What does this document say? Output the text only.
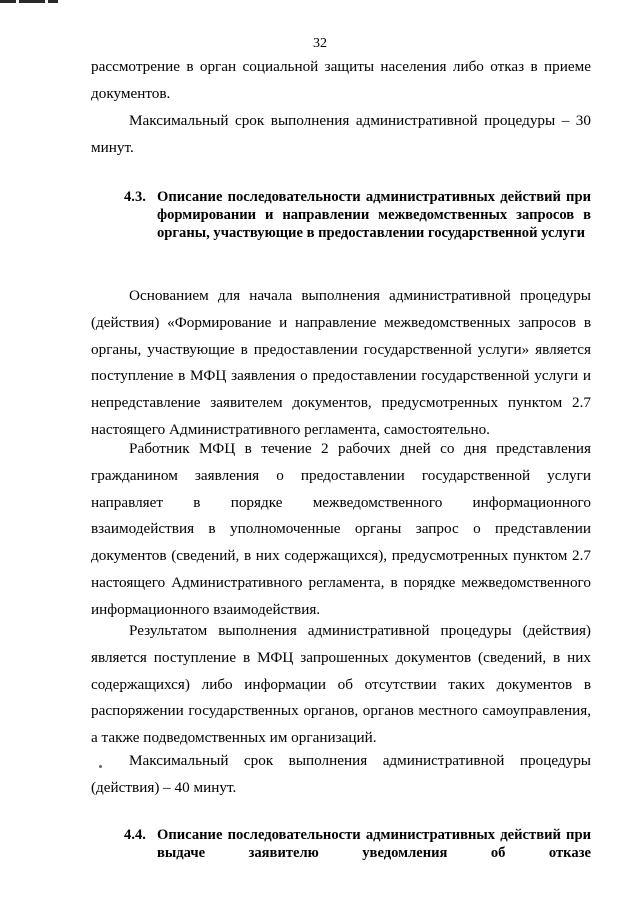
32

рассмотрение в орган социальной защиты населения либо отказ в приеме документов.

Максимальный срок выполнения административной процедуры – 30 минут.

4.3. Описание последовательности административных действий при формировании и направлении межведомственных запросов в органы, участвующие в предоставлении государственной услуги

Основанием для начала выполнения административной процедуры (действия) «Формирование и направление межведомственных запросов в органы, участвующие в предоставлении государственной услуги» является поступление в МФЦ заявления о предоставлении государственной услуги и непредставление заявителем документов, предусмотренных пунктом 2.7 настоящего Административного регламента, самостоятельно.

Работник МФЦ в течение 2 рабочих дней со дня представления гражданином заявления о предоставлении государственной услуги направляет в порядке межведомственного информационного взаимодействия в уполномоченные органы запрос о представлении документов (сведений, в них содержащихся), предусмотренных пунктом 2.7 настоящего Административного регламента, в порядке межведомственного информационного взаимодействия.

Результатом выполнения административной процедуры (действия) является поступление в МФЦ запрошенных документов (сведений, в них содержащихся) либо информации об отсутствии таких документов в распоряжении государственных органов, органов местного самоуправления, а также подведомственных им организаций.

Максимальный срок выполнения административной процедуры (действия) – 40 минут.

4.4. Описание последовательности административных действий при выдаче заявителю уведомления об отказе
